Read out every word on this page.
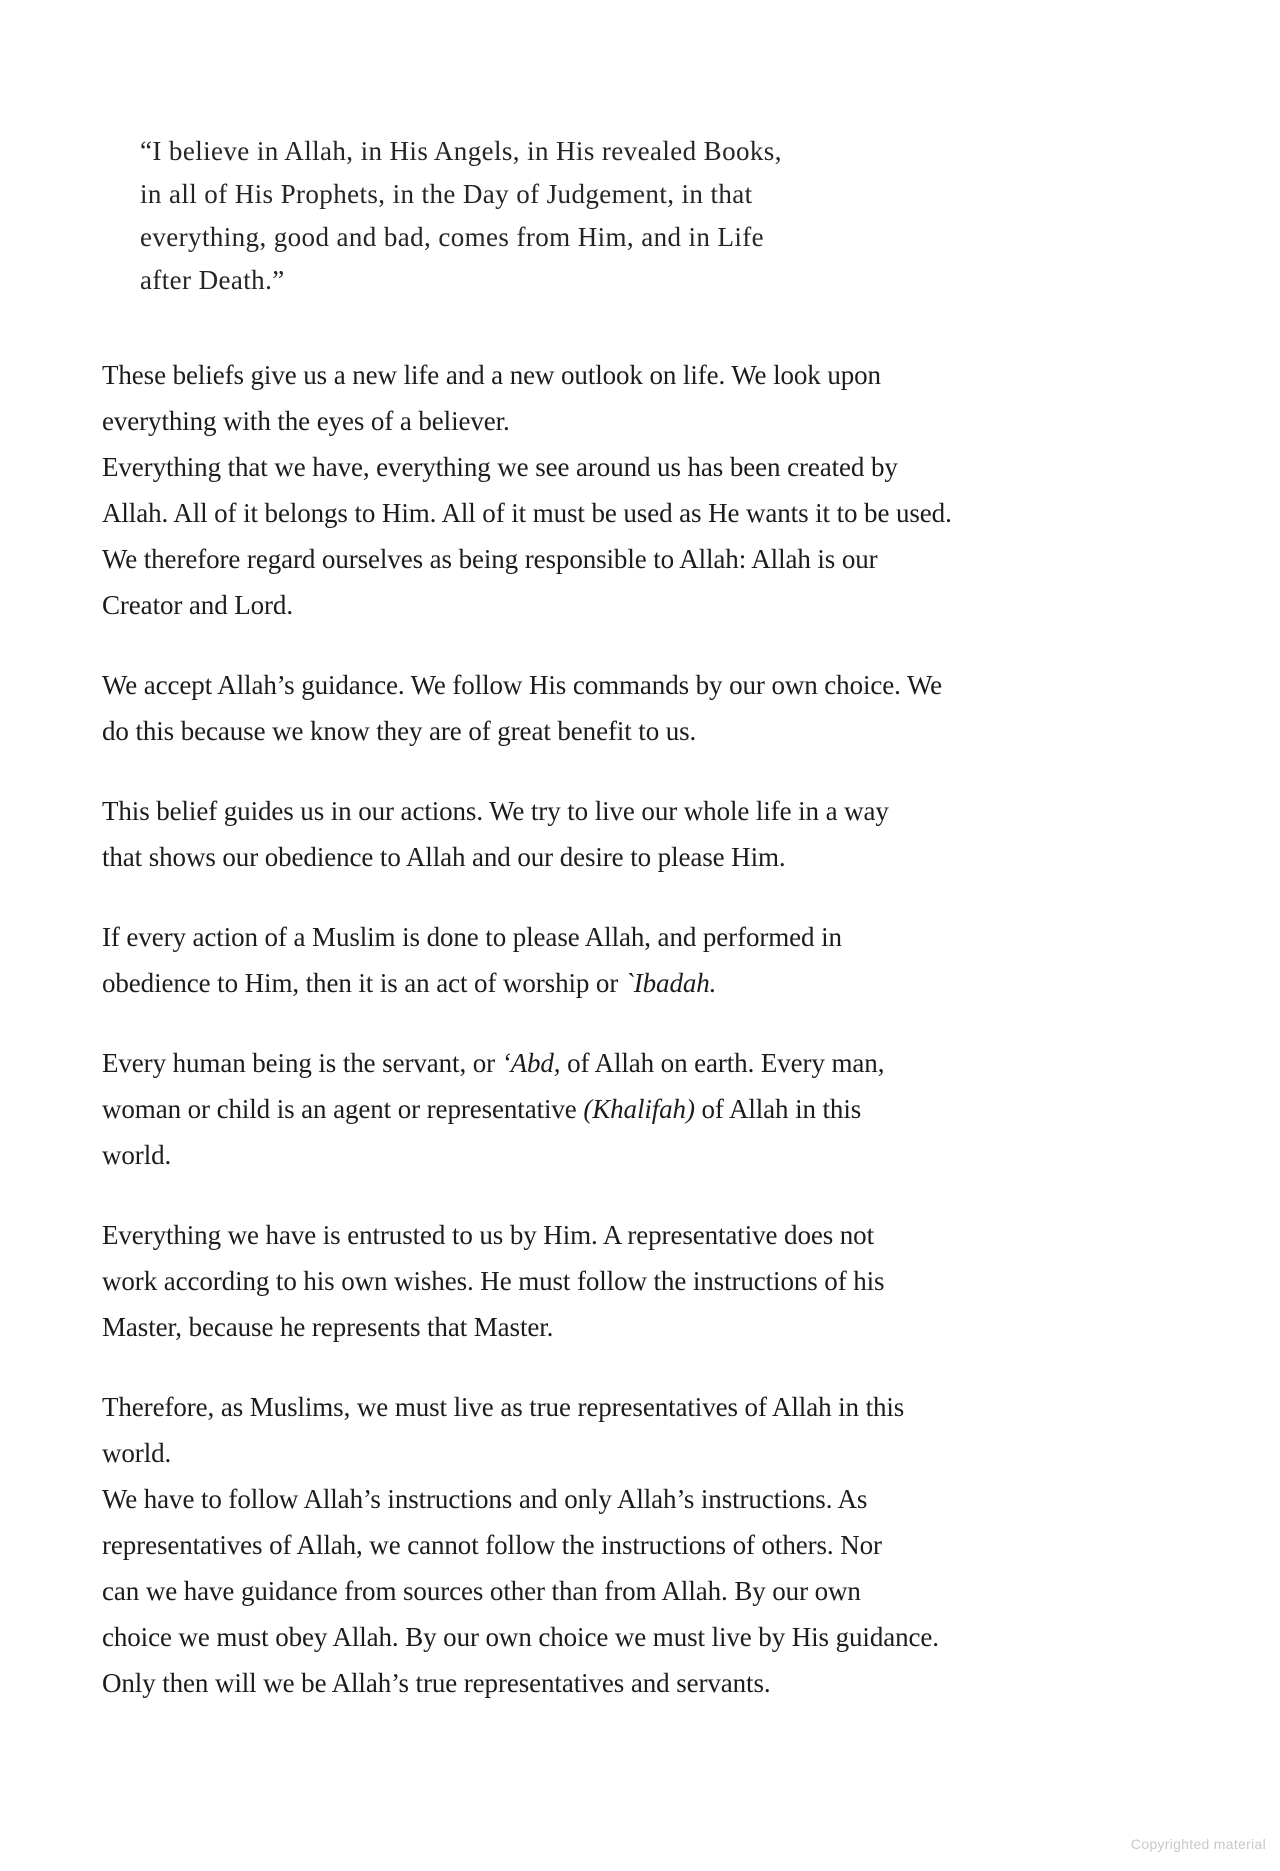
“I believe in Allah, in His Angels, in His revealed Books,
in all of His Prophets, in the Day of Judgement, in that
everything, good and bad, comes from Him, and in Life
after Death.”
These beliefs give us a new life and a new outlook on life. We look upon
everything with the eyes of a believer.
Everything that we have, everything we see around us has been created by
Allah. All of it belongs to Him. All of it must be used as He wants it to be used.
We therefore regard ourselves as being responsible to Allah: Allah is our
Creator and Lord.
We accept Allah’s guidance. We follow His commands by our own choice. We
do this because we know they are of great benefit to us.
This belief guides us in our actions. We try to live our whole life in a way
that shows our obedience to Allah and our desire to please Him.
If every action of a Muslim is done to please Allah, and performed in
obedience to Him, then it is an act of worship or `Ibadah.
Every human being is the servant, or ‘Abd, of Allah on earth. Every man,
woman or child is an agent or representative (Khalifah) of Allah in this
world.
Everything we have is entrusted to us by Him. A representative does not
work according to his own wishes. He must follow the instructions of his
Master, because he represents that Master.
Therefore, as Muslims, we must live as true representatives of Allah in this
world.
We have to follow Allah’s instructions and only Allah’s instructions. As
representatives of Allah, we cannot follow the instructions of others. Nor
can we have guidance from sources other than from Allah. By our own
choice we must obey Allah. By our own choice we must live by His guidance.
Only then will we be Allah’s true representatives and servants.
Copyrighted material
